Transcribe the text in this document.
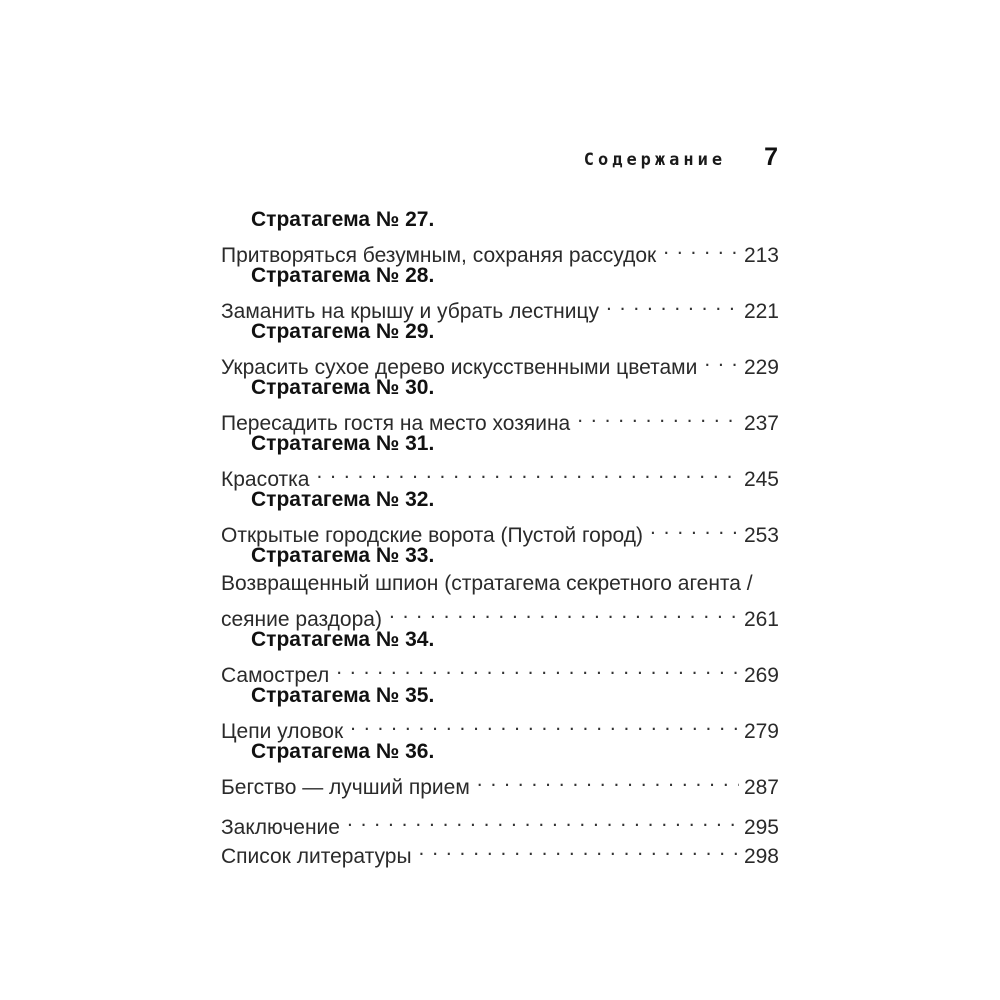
Содержание 7
Стратагема № 27.
Притворяться безумным, сохраняя рассудок . . .	213
Стратагема № 28.
Заманить на крышу и убрать лестницу . . .	221
Стратагема № 29.
Украсить сухое дерево искусственными цветами . . . 229
Стратагема № 30.
Пересадить гостя на место хозяина . . .	237
Стратагема № 31.
Красотка . . .	245
Стратагема № 32.
Открытые городские ворота (Пустой город) . . .	253
Стратагема № 33.
Возвращенный шпион (стратагема секретного агента /
сеяние раздора) . . .	261
Стратагема № 34.
Самострел . . .	269
Стратагема № 35.
Цепи уловок . . .	279
Стратагема № 36.
Бегство — лучший прием . . .	287
Заключение . . .	295
Список литературы . . .	298
